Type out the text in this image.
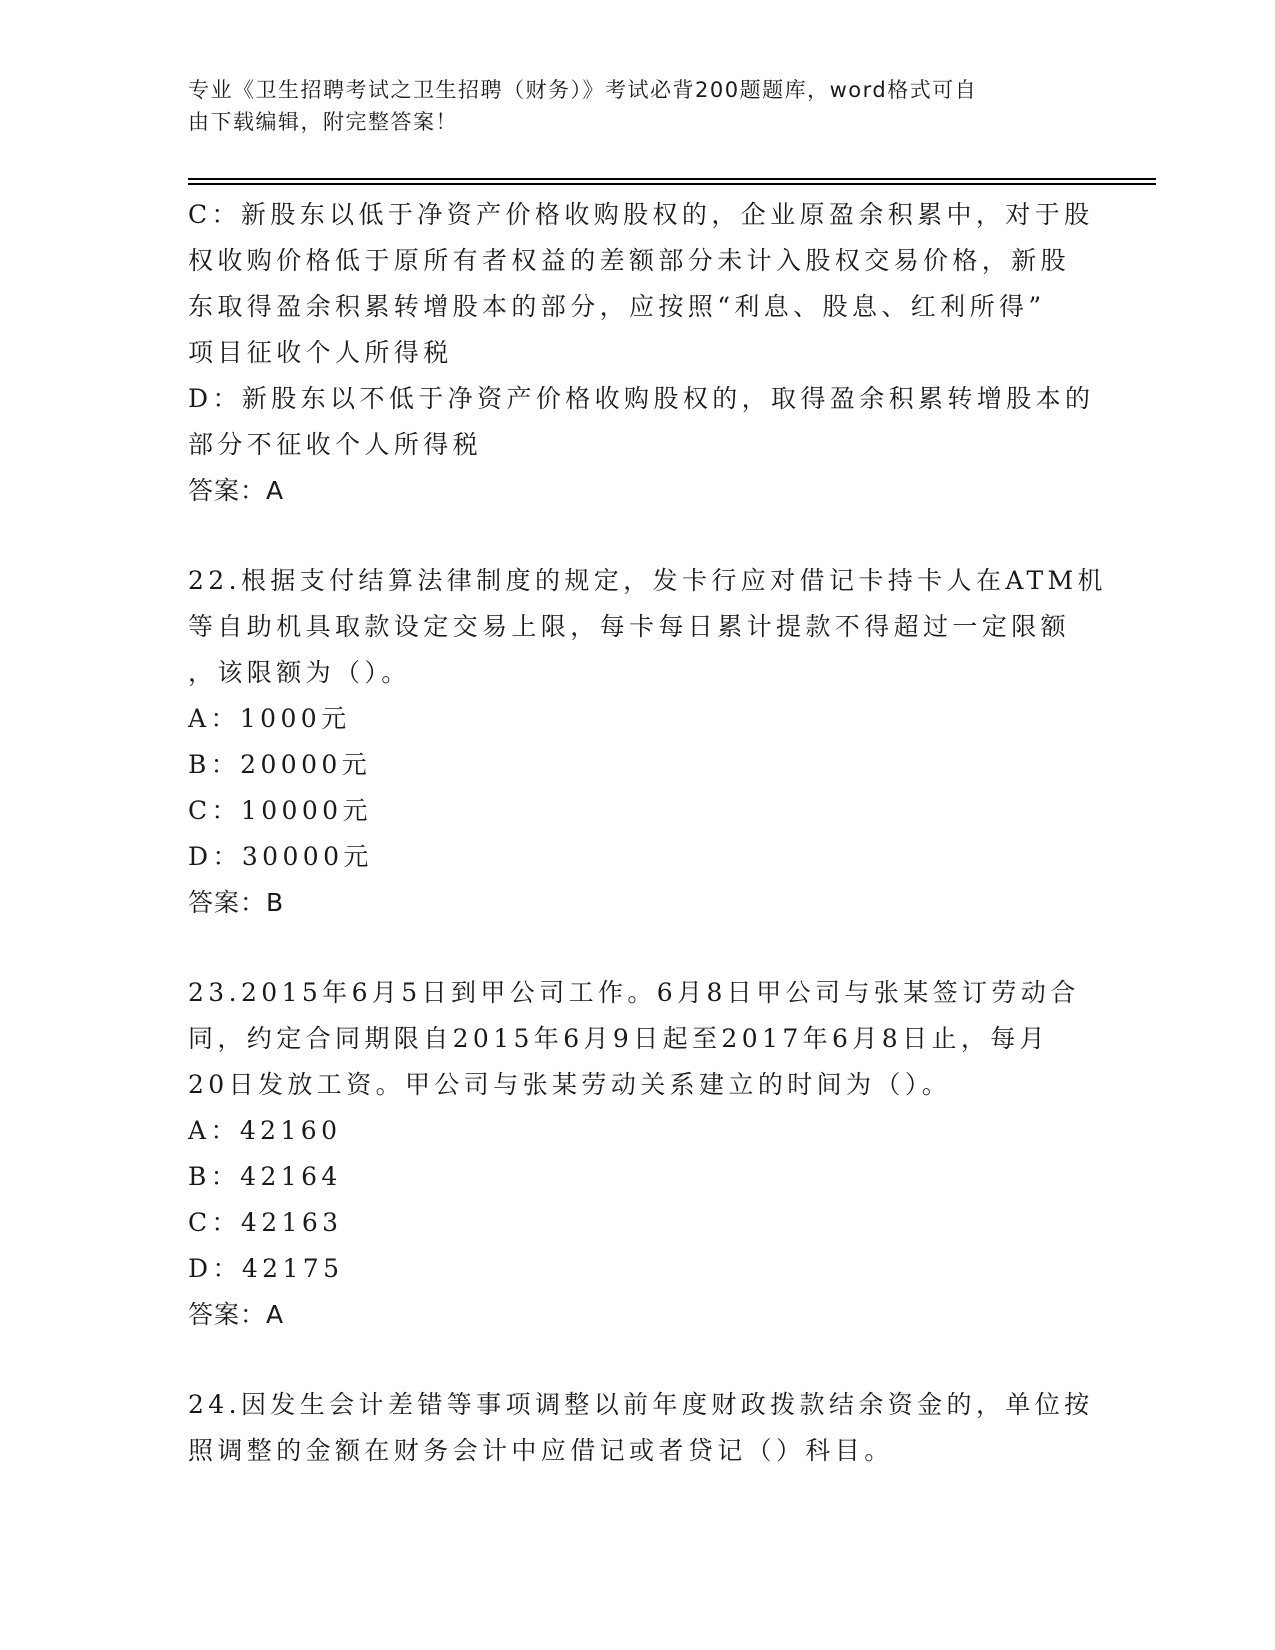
专业《卫生招聘考试之卫生招聘（财务）》考试必背200题题库，word格式可自
由下载编辑，附完整答案！
C：新股东以低于净资产价格收购股权的，企业原盈余积累中，对于股
权收购价格低于原所有者权益的差额部分未计入股权交易价格，新股
东取得盈余积累转增股本的部分，应按照“利息、股息、红利所得”
项目征收个人所得税
D：新股东以不低于净资产价格收购股权的，取得盈余积累转增股本的
部分不征收个人所得税
答案：A
22.根据支付结算法律制度的规定，发卡行应对借记卡持卡人在ATM机
等自助机具取款设定交易上限，每卡每日累计提款不得超过一定限额
，该限额为（）。
A：1000元
B：20000元
C：10000元
D：30000元
答案：B
23.2015年6月5日到甲公司工作。6月8日甲公司与张某签订劳动合
同，约定合同期限自2015年6月9日起至2017年6月8日止，每月
20日发放工资。甲公司与张某劳动关系建立的时间为（）。
A：42160
B：42164
C：42163
D：42175
答案：A
24.因发生会计差错等事项调整以前年度财政拨款结余资金的，单位按
照调整的金额在财务会计中应借记或者贷记（）科目。
